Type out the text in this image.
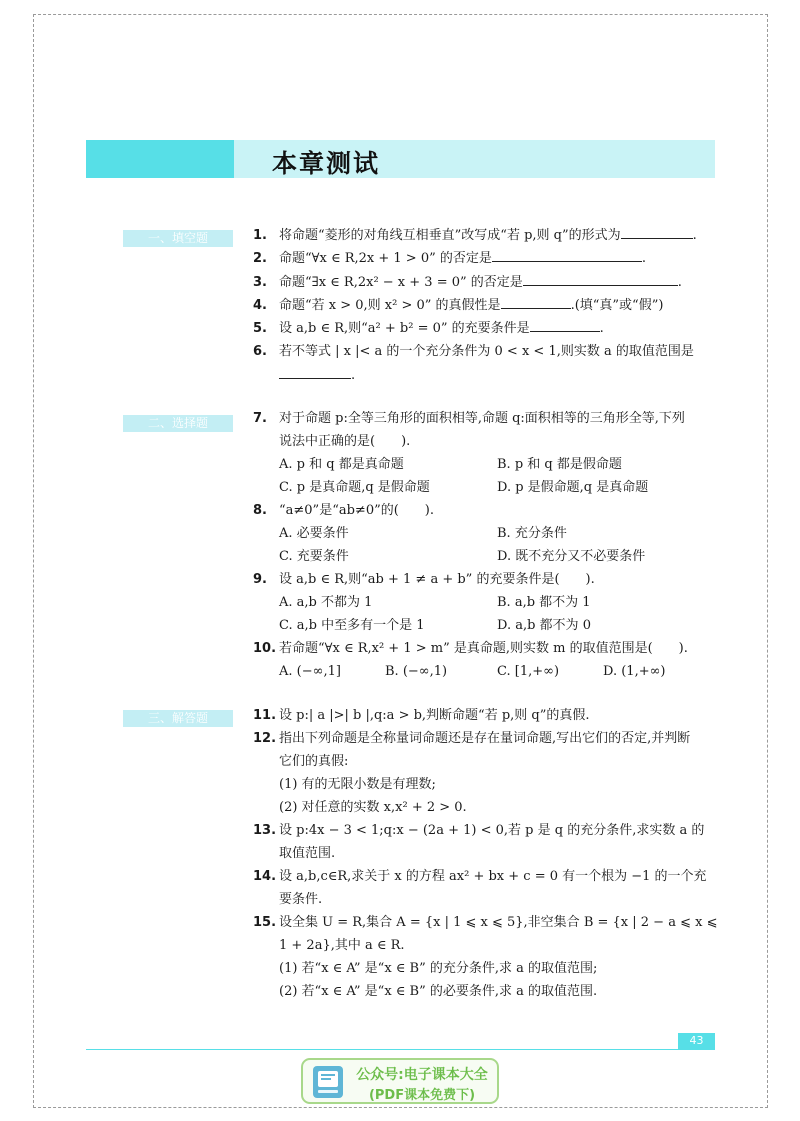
本章测试
一、填空题	1. 将命题“菱形的对角线互相垂直”改写成“若 p,则 q”的形式为	.
2. 命题“∀x ∈ R,2x + 1 > 0” 的否定是	.
3. 命题“∃x ∈ R,2x² − x + 3 = 0” 的否定是	.
4. 命题“若 x > 0,则 x² > 0” 的真假性是	.(填“真”或“假”)
5. 设 a,b ∈ R,则“a² + b² = 0” 的充要条件是	.
6. 若不等式 | x |< a 的一个充分条件为 0 < x < 1,则实数 a 的取值范围是
.
二、选择题	7. 对于命题 p:全等三角形的面积相等,命题 q:面积相等的三角形全等,下列
说法中正确的是(　　).
A. p 和 q 都是真命题	B. p 和 q 都是假命题
C. p 是真命题,q 是假命题	D. p 是假命题,q 是真命题
8. “a≠0”是“ab≠0”的(　　).
A. 必要条件	B. 充分条件
C. 充要条件	D. 既不充分又不必要条件
9. 设 a,b ∈ R,则“ab + 1 ≠ a + b” 的充要条件是(　　).
A. a,b 不都为 1	B. a,b 都不为 1
C. a,b 中至多有一个是 1	D. a,b 都不为 0
10. 若命题“∀x ∈ R,x² + 1 > m” 是真命题,则实数 m 的取值范围是(　　).
A. (−∞,1]	B. (−∞,1)	C. [1,+∞)	D. (1,+∞)
三、解答题	11. 设 p:| a |>| b |,q:a > b,判断命题“若 p,则 q”的真假.
12. 指出下列命题是全称量词命题还是存在量词命题,写出它们的否定,并判断
它们的真假:
(1) 有的无限小数是有理数;
(2) 对任意的实数 x,x² + 2 > 0.
13. 设 p:4x − 3 < 1;q:x − (2a + 1) < 0,若 p 是 q 的充分条件,求实数 a 的
取值范围.
14. 设 a,b,c∈R,求关于 x 的方程 ax² + bx + c = 0 有一个根为 −1 的一个充
要条件.
15. 设全集 U = R,集合 A = {x | 1 ⩽ x ⩽ 5},非空集合 B = {x | 2 − a ⩽ x ⩽
1 + 2a},其中 a ∈ R.
(1) 若“x ∈ A” 是“x ∈ B” 的充分条件,求 a 的取值范围;
(2) 若“x ∈ A” 是“x ∈ B” 的必要条件,求 a 的取值范围.
43
公众号:电子课本大全
(PDF课本免费下)
